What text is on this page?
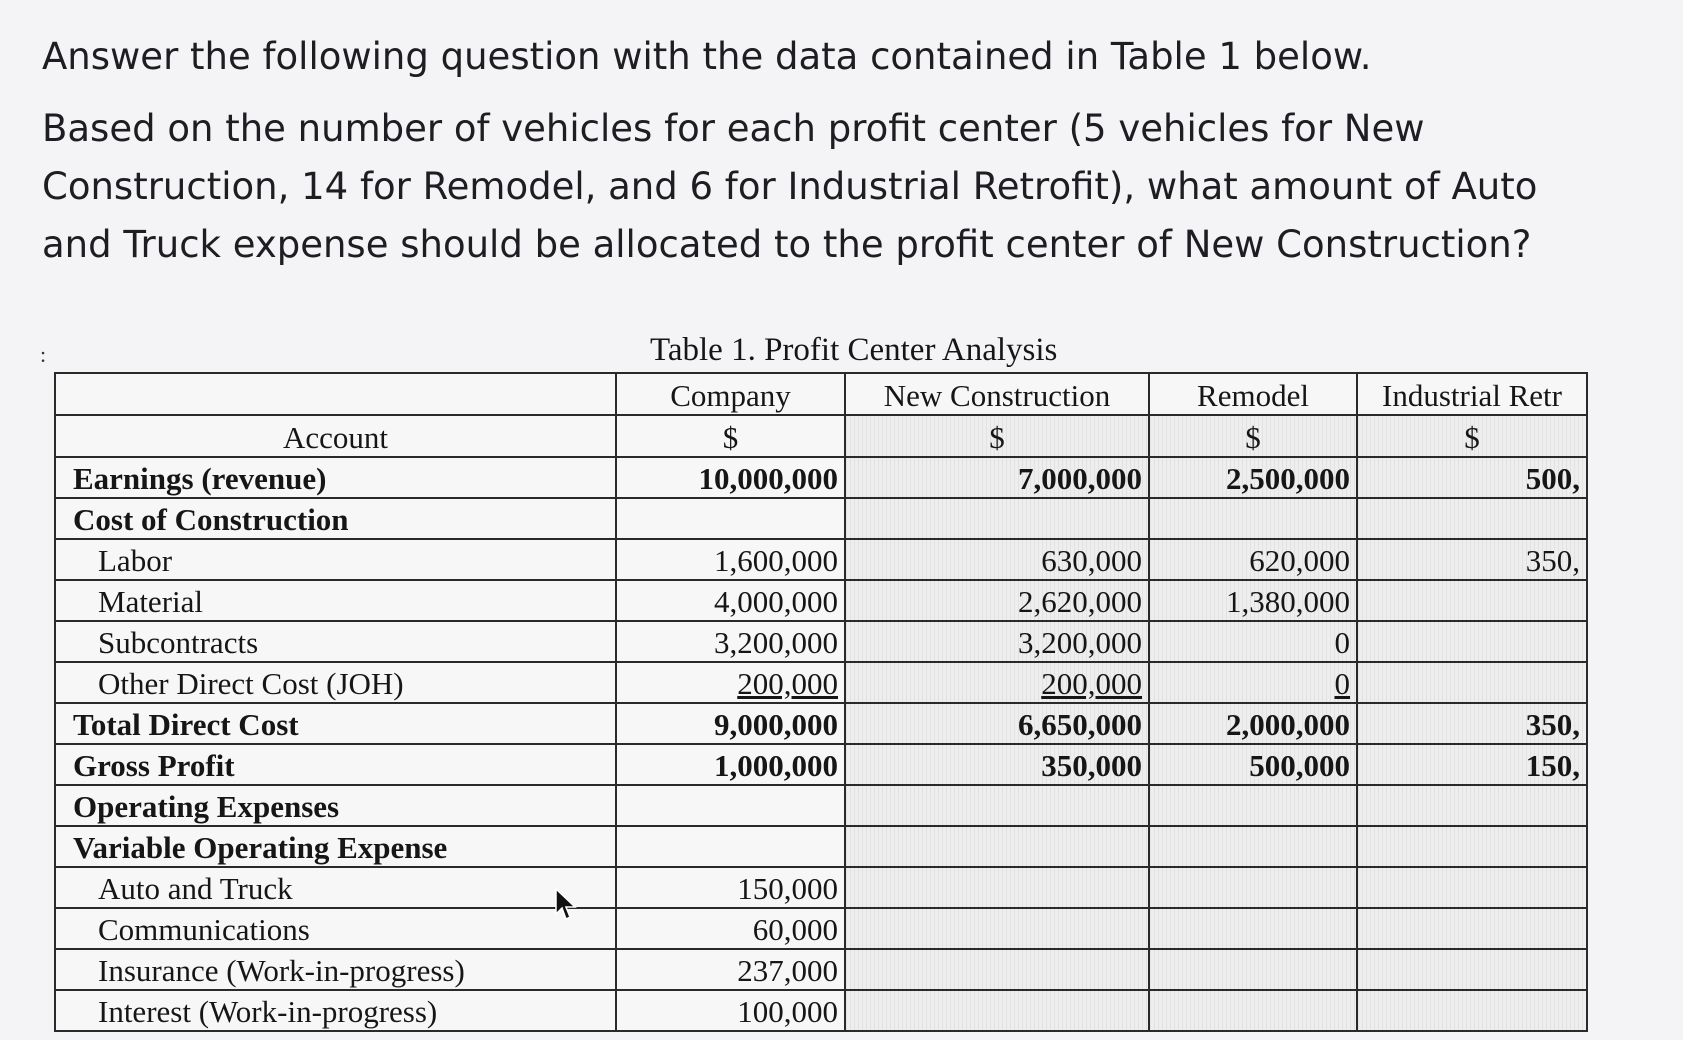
Answer the following question with the data contained in Table 1 below.

Based on the number of vehicles for each profit center (5 vehicles for New Construction, 14 for Remodel, and 6 for Industrial Retrofit), what amount of Auto and Truck expense should be allocated to the profit center of New Construction?

:	Table 1. Profit Center Analysis
	Company	New Construction	Remodel	Industrial Retr
Account	$	$	$	$
Earnings (revenue)	10,000,000	7,000,000	2,500,000	500,
Cost of Construction				
Labor	1,600,000	630,000	620,000	350,
Material	4,000,000	2,620,000	1,380,000	
Subcontracts	3,200,000	3,200,000	0	
Other Direct Cost (JOH)	200,000	200,000	0	
Total Direct Cost	9,000,000	6,650,000	2,000,000	350,
Gross Profit	1,000,000	350,000	500,000	150,
Operating Expenses				
Variable Operating Expense				
Auto and Truck	150,000			
Communications	60,000			
Insurance (Work-in-progress)	237,000			
Interest (Work-in-progress)	100,000			
